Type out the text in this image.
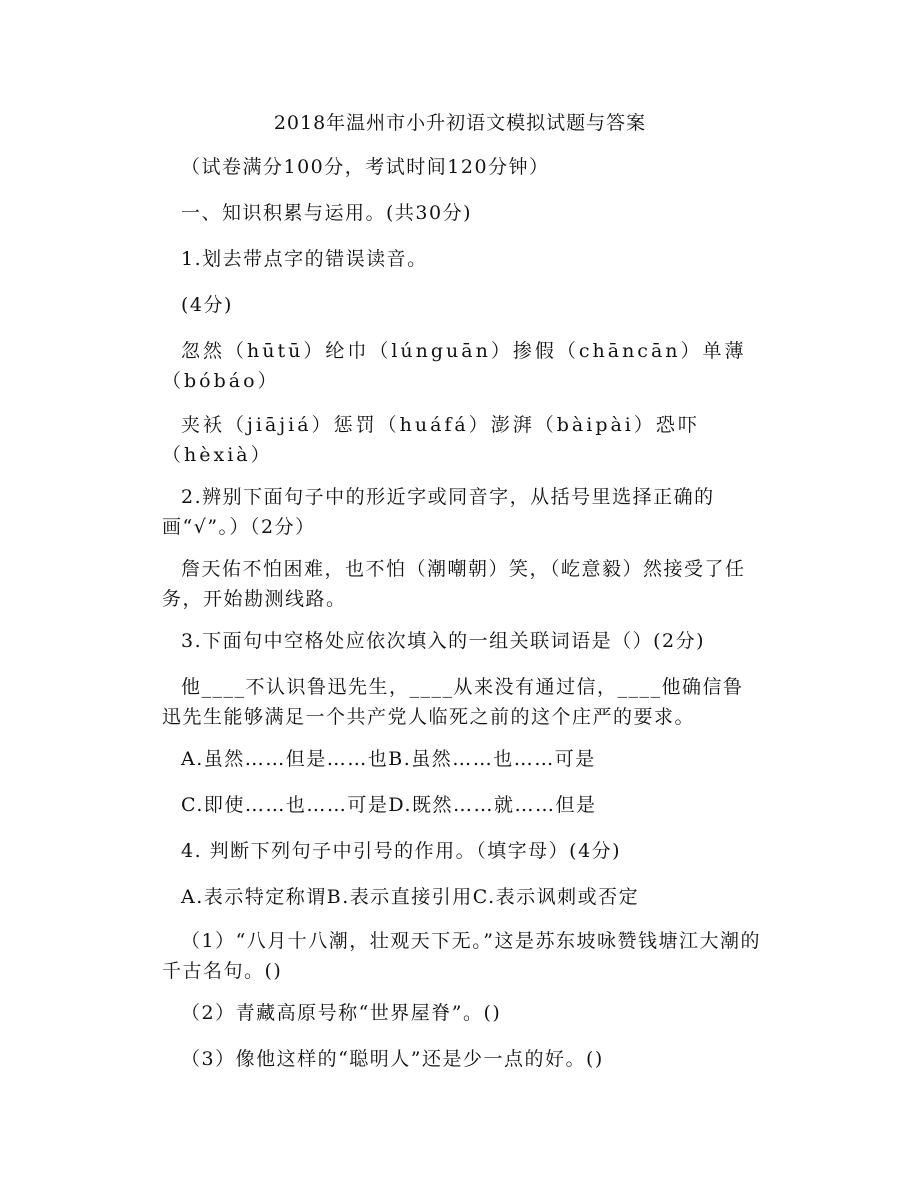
2018年温州市小升初语文模拟试题与答案

（试卷满分100分，考试时间120分钟）

一、知识积累与运用。(共30分)

1.划去带点字的错误读音。

(4分)

忽然（hūtū）纶巾（lúnguān）掺假（chāncān）单薄（bóbáo）

夹袄（jiājiá）惩罚（huáfá）澎湃（bàipài）恐吓（hèxià）

2.辨别下面句子中的形近字或同音字，从括号里选择正确的画“√”。）（2分）

詹天佑不怕困难，也不怕（潮嘲朝）笑，（屹意毅）然接受了任务，开始勘测线路。

3.下面句中空格处应依次填入的一组关联词语是（）(2分)

他____不认识鲁迅先生，____从来没有通过信，____他确信鲁迅先生能够满足一个共产党人临死之前的这个庄严的要求。

A.虽然……但是……也B.虽然……也……可是

C.即使……也……可是D.既然……就……但是

4. 判断下列句子中引号的作用。（填字母）(4分)

A.表示特定称谓B.表示直接引用C.表示讽刺或否定

（1）“八月十八潮，壮观天下无。”这是苏东坡咏赞钱塘江大潮的千古名句。()

（2）青藏高原号称“世界屋脊”。()

（3）像他这样的“聪明人”还是少一点的好。()
